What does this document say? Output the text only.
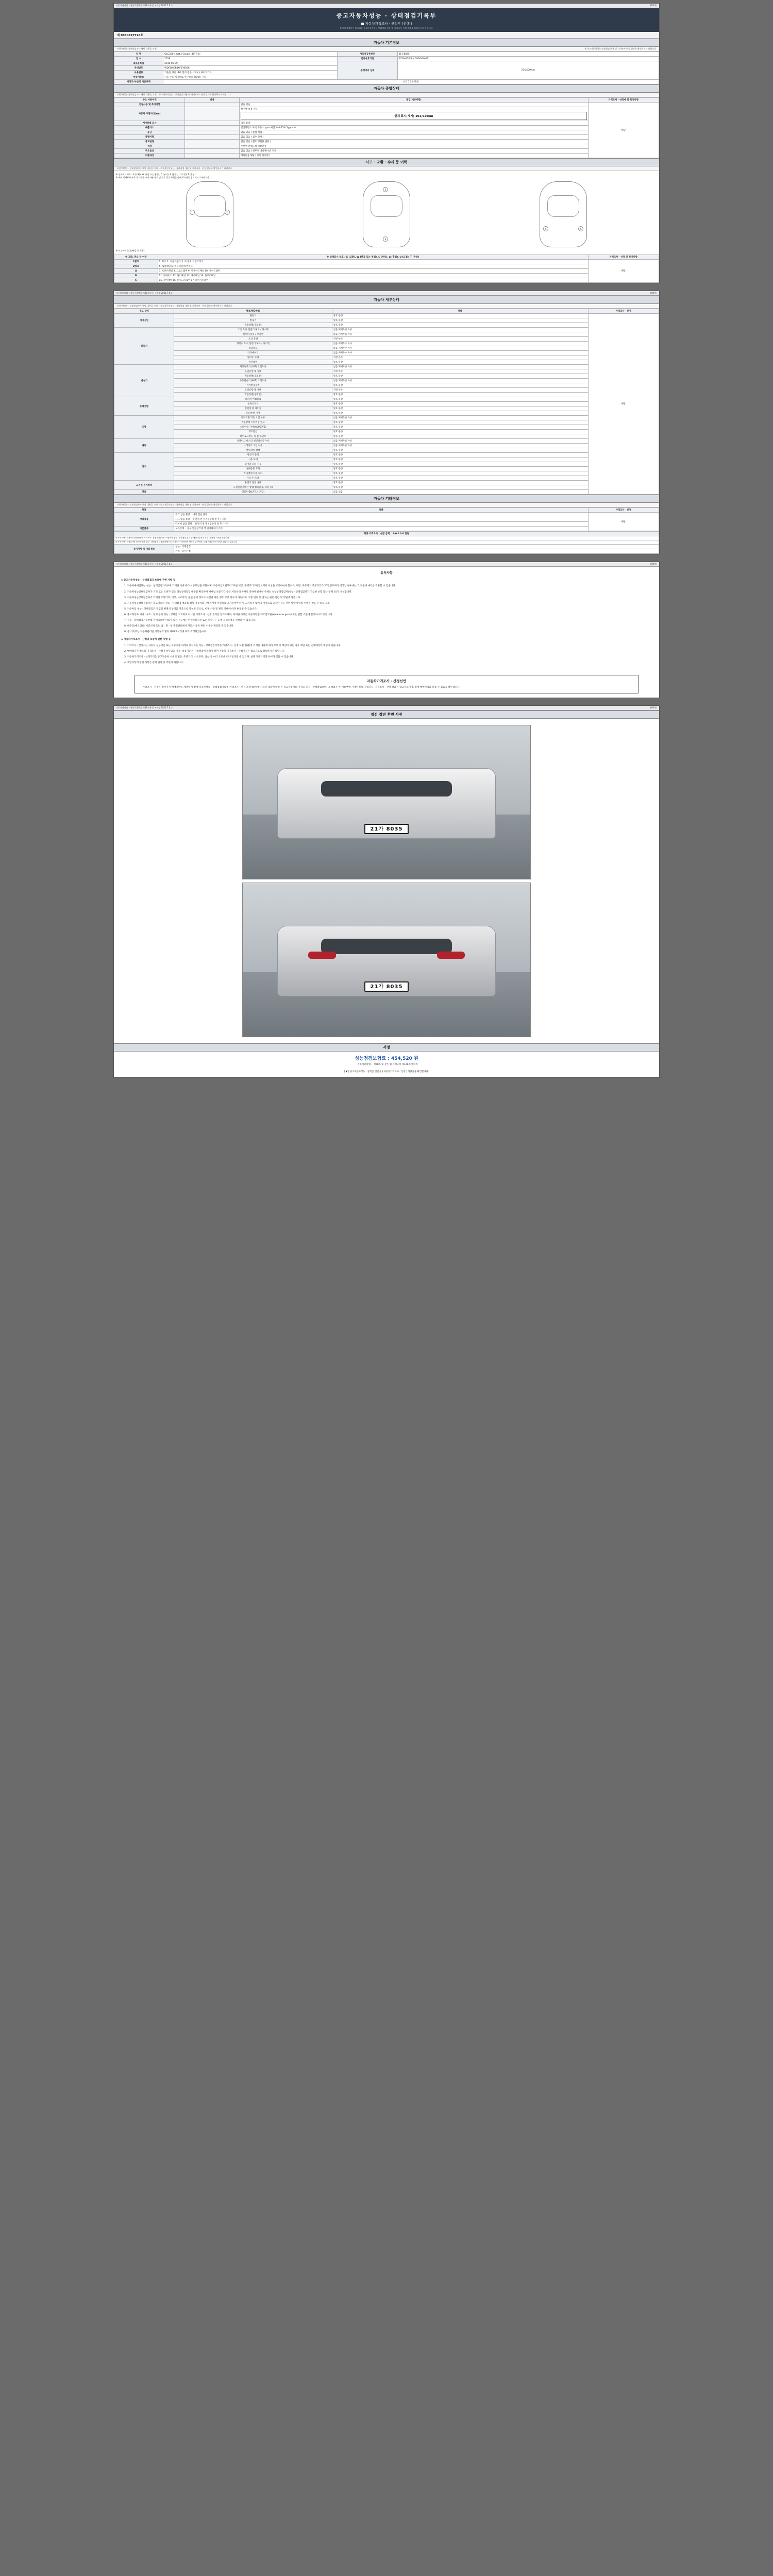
자동차관리법 시행규칙 [별지 제82호서식] <개정 2021.7.6.>	(1/4쪽)
중고자동차성능 · 상태점검기록부
■ 자동차가격조사 · 산정부 (선택 )
※ 매매사업자가 보증하는 중고자동차성능·상태점검 내용 및 가격조사·산정 결과를 확인하시기 바랍니다.
제 9030827726호
자동차 기본정보
(자동차성능·상태점검자가 해당 내용을 기재)	※ 중고자동차성능·상태점검 내용 및 가격조사·산정 결과를 확인하시기 바랍니다
차 명	GLC300 4matic Coupe (4륜구동)	자동차등록번호	21두8035
연 식	2019	검사유효기간	2026-06-08 ~ 2026-06-07
최초등록일	2019-06-09	주행거리 상태	274,500 km
차대번호	WDC0J6EB4KF636586		
사용연료	가솔린 경유 LPG 전기(전동) 기타( ) 하이브리드		
변속기종류	자동 수동 세미오토 무단변속기(CVT) 기타		
가격조사·산정 기준가액	0 0 0 0 0 만원		
자동차 종합상태
(자동차성능·상태점검자가 해당 내용을 기재) · 중고자동차성능 · 상태점검 내용 및 가격조사 · 산정 결과를 확인하시기 바랍니다
주요 사용이력	내용	점검(세부사항)	가격조사 · 산정에 및 특기사항
전월사용 및 특기사항		없음 있음	해당
자동차 주행거리(km)		실주행 보정 기타
현재 표시(계기) 101,929km	

계기상태 표시		양호 불량	
배출가스		일산화탄소 % 탄화수소 ppm 매연 % 0.05% 5ppm %	
튜닝		없음 있음 ( 불법 적법 )	
특별이력		없음 있음 ( 침수 화재 )	
용도변경		없음 있음 ( 렌트 영업용 관용 )	
색상		무변색 전체도색 색상변경	
주요옵션		없음 있음 ( 썬루프 내비게이션 기타 )	
리콜대상		해당없음 해당 ( 이행 미이행 )	
사고 · 교환 · 수리 등 이력
(자동차성능 · 상태점검자가 해당 내용을 기재) · 중고자동차성능 · 상태점검 내용 및 가격조사 · 산정 결과를 확인하시기 바랍니다
※ 상태표시 부호 : X (교환), W (판금 또는 용접), C (부식), A (흠집), U (요철), T (손상)
※ 하단 상태표시 부호의 기준은 아래 외판 부위 및 주요 골격 부위별 상태 표시란을 참고하시기 바랍니다.
1	2
3
4
5	6
※ 사고이력 (교환/판금 등 포함)
※ 교환, 판금 등 이력	※ 상태표시 부호 : X (교환), W (판금 또는 용접), C (부식), A (흠집), U (요철), T (손상)	가격조사 · 산정 및 특기사항
1랭크	1. 후드 2. 프론트펜더 3. 도어 4. 트렁크리드	해당
2랭크	5. 로커패널 6. 쿼터패널(리어펜더)	
A	7. 프론트패널 8. 크로스멤버 9. 인사이드패널 10. 사이드멤버	
B	11. 휠하우스 12. 필러패널 13. 대쉬패널 14. 플로어패널	
C	15. 리어패널 16. 트렁크플로어 17. 패키지트레이	
자동차관리법 시행규칙 [별지 제82호서식] <개정 2021.7.6.>	(2/4쪽)
자동차 세부상태
(자동차성능 · 상태점검자가 해당 내용을 기재) · 중고자동차성능 · 상태점검 내용 및 가격조사 · 산정 결과를 확인하시기 바랍니다
주요 장치	항목/해당부품	상태	가격조사 · 산정
자기진단	원동기	양호 불량	해당
	변속기	양호 불량	
	작동상태(공회전)	양호 불량	
원동기	오일 누유 실린더 헤드 / 가스켓	없음 미세누유 누유	
	실린더 블록 / 오일팬	없음 미세누유 누유	
	오일 유량	적정 부족	
	냉각수 누수 실린더 헤드 / 가스켓	없음 미세누수 누수	
	워터펌프	없음 미세누수 누수	
	라디에이터	없음 미세누수 누수	
	냉각수 수량	적정 부족	
	커먼레일	양호 불량	
변속기	자동변속기 (A/T) 오일누유	없음 미세누유 누유	
	오일유량 및 상태	적정 부족	
	작동상태(공회전)	양호 불량	
	수동변속기 (M/T) 오일누유	없음 미세누유 누유	
	기어변속장치	양호 불량	
	오일유량 및 상태	적정 부족	
	작동상태(공회전)	양호 불량	
동력전달	클러치 어셈블리	양호 불량	
	등속조인트	양호 불량	
	추진축 및 베어링	양호 불량	
	디퍼렌셜 기어	양호 불량	
조향	동력조향 작동 오일 누유	없음 미세누유 누유	
	작동상태 스티어링 펌프	양호 불량	
	스티어링 기어(MDPS포함)	양호 불량	
	피트먼암	양호 불량	
	타이로드엔드 및 볼 조인트	양호 불량	
제동	브레이크 마스터 실린더오일 누유	없음 미세누유 누유	
	브레이크 오일 누유	없음 미세누유 누유	
	배력장치 상태	양호 불량	
전기	발전기 출력	양호 불량	
	시동 모터	양호 불량	
	와이퍼 모터 기능	양호 불량	
	실내송풍 모터	양호 불량	
	라디에이터 팬 모터	양호 불량	
	윈도우 모터	양호 불량	
고전원 전기장치	충전구 절연 상태	양호 불량	
	고전원전기배선 상태(접속단자, 피복 등)	양호 불량	
연료	연료누출(LP가스 포함)	없음 있음	
자동차 기타정보
(자동차성능 · 상태점검자가 해당 내용을 기재) · 중고자동차성능 · 상태점검 내용 및 가격조사 · 산정 결과를 확인하시기 바랍니다
항목	상태	가격조사 · 산정
사내용품	유리 없음 불량 내장 없음 불량	해당
	사드 없음 불량 운전석 전 후 / 동승석 전 후 / 기타	
	타이어 없음 불량 운전석 전 후 / 동승석 전 후 / 기타	
기본품목	보유상태 공구 안전삼각대 잭 예비타이어 기타	
최종 가격조사 · 산정 금액 0 0 0 0 0 만원
※ 가격조사 · 산정가격 산출방법에 가격조사 · 산정가격은 중고자동차의 성능 · 상태점검 결과 등 매매사업자가 조사 · 산정한 가격을 말합니다.
※ 가격조사 · 산정금액은 중고자동차 성능 · 상태점검 내용을 바탕으로 가격조사 · 산정자가 평가한 금액이며, 실제 거래금액과 차이가 있을 수 있습니다.
특기사항 및 기타정보	성능 · 상태점검
가격 · 조사산정
자동차관리법 시행규칙 [별지 제82호서식] <개정 2021.7.6.>	(3/4쪽)
유의사항

◈ 중고자동차성능 · 상태점검의 보증에 관한 사항 등

1. 자동차매매업자는 성능 · 상태점검기록부에 기재한 바에 따라 보증책임을 부담하며, 자동차인도일부터 30일 이상, 주행거리 2천킬로미터 이상을 보증하여야 합니다. 다만, 자동차의 주행거리가 20만킬로미터 이상인 경우에는 그 보증에 예외를 적용할 수 있습니다.

2. 자동차성능상태점검자가 거짓 또는 오류가 있는 성능상태점검 내용을 확인하여 매매업 보증기간 동안 자동차의 하자로 인하여 발생한 손해는 성능상태점검자(성능 · 상태점검자가 가입한 보험 또는 공제 등)가 보상합니다.

3. 자동차성능상태점검자가 기재한 주행거리, 색상, 사고이력, 옵션 등의 정보가 사실과 다를 경우 보증 청구가 가능하며, 보증 범위 및 절차는 관련 법령 및 약관에 따릅니다.

4. 자동차성능상태점검자는 중고자동차 성능 · 상태점검 결과를 해당 자동차의 구매자에게 서면으로 고지하여야 하며, 고지하지 않거나 거짓으로 고지한 경우 관련 법령에 따라 처벌을 받을 수 있습니다.

5. 자동차의 성능 · 상태점검은 점검일 현재의 상태를 기준으로 작성된 것으로, 이후 사용 및 관리 상태에 따라 변동될 수 있습니다.

6. 중고자동차 매매 · 구조 · 장치 등의 성능 · 상태를 고지하지 아니한 가격조사 · 산정 결과를 알려드리며, 자세한 사항은 자동차민원 대국민포털(www.ecar.go.kr) 또는 관할 기관에 문의하시기 바랍니다.

7. 성능 · 상태점검기록부의 기재내용에 이의가 있는 경우에는 한국소비자원 또는 관할 시 · 도에 분쟁조정을 신청할 수 있습니다.

8. 매수인(매도인)은 시군구청 또는 읍 · 면 · 동 주민센터에서 자동차 등록 관련 서류를 확인할 수 있습니다.

9. 본 기록부는 자동차관리법 시행규칙 별지 제82호서식에 따라 작성되었습니다.

◈ 자동차가격조사 · 산정의 보증에 관한 사항 등

1. 가격조사 · 산정자는 자동차 성능기준 또는 보증기준 아래로 중고차를 성능 · 상태점검기록부(가격조사 · 산정 포함 범위)에 기재한 내용에 따라 보증 및 책임이 있는 경우 책임 또는 손해배상의 책임이 있습니다.

2. 매매업자가 별도의 가격조사 · 산정가격이 있을 경우, 보증기준은 산정결과에 따라야 하며 자동차 가격조사 · 산정가격은 참고자료로 활용하시기 바랍니다.

3. 자동차가격조사 · 산정가격은 중고자동차 시세의 변동, 주행거리, 사고유무, 옵션 등 여러 요인에 따라 달라질 수 있으며, 실제 거래가격과 차이가 있을 수 있습니다.

4. 책임사항에 관한 사항은 관계 법령 및 약관에 따릅니다.

자동차가격조사 · 산정선언
「가격조사 · 산정은 실시가가 매매계약을 체결하기 전에 자동차성능 · 상태점검기록부(가격조사 · 산정 포함 범위)에 기재된 내용에 따라 본 중고자동차의 가격을 조사 · 산정하였으며, 그 결과는 본 기록부에 기재된 바와 같습니다. 가격조사 · 산정 결과는 참고자료이며, 실제 매매가격과 다를 수 있음을 확인합니다.」
자동차관리법 시행규칙 [별지 제82호서식] <개정 2021.7.6.>	(4/4쪽)
점검 정면 후면 사진
21가 8035
21가 8035
서명
성능점검보험료 : 454,520 원
「자동차관리법」 제58조 및 같은 법 시행규칙 제120조에 따라
[ ▼ ] 중고자동차성능 · 상태를 점검, [ ] 자동차가격조사 · 산정 ) 하였음을 확인합니다.
